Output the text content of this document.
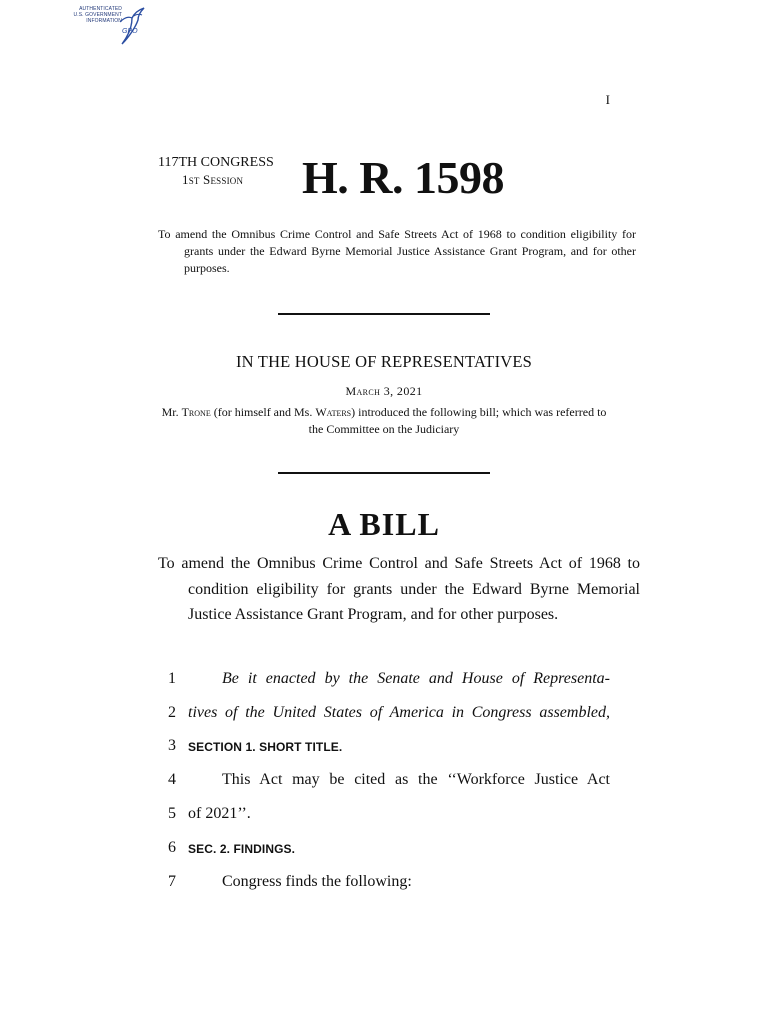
AUTHENTICATED
U.S. GOVERNMENT
INFORMATION
GPO
I
117TH CONGRESS
1st Session H. R. 1598
To amend the Omnibus Crime Control and Safe Streets Act of 1968 to condition eligibility for grants under the Edward Byrne Memorial Justice Assistance Grant Program, and for other purposes.
IN THE HOUSE OF REPRESENTATIVES
March 3, 2021
Mr. Trone (for himself and Ms. Waters) introduced the following bill; which was referred to the Committee on the Judiciary
A BILL
To amend the Omnibus Crime Control and Safe Streets Act of 1968 to condition eligibility for grants under the Edward Byrne Memorial Justice Assistance Grant Program, and for other purposes.
1	Be it enacted by the Senate and House of Representa-
2 tives of the United States of America in Congress assembled,
3 SECTION 1. SHORT TITLE.
4	This Act may be cited as the ‘‘Workforce Justice Act
5 of 2021’’.
6 SEC. 2. FINDINGS.
7	Congress finds the following:
